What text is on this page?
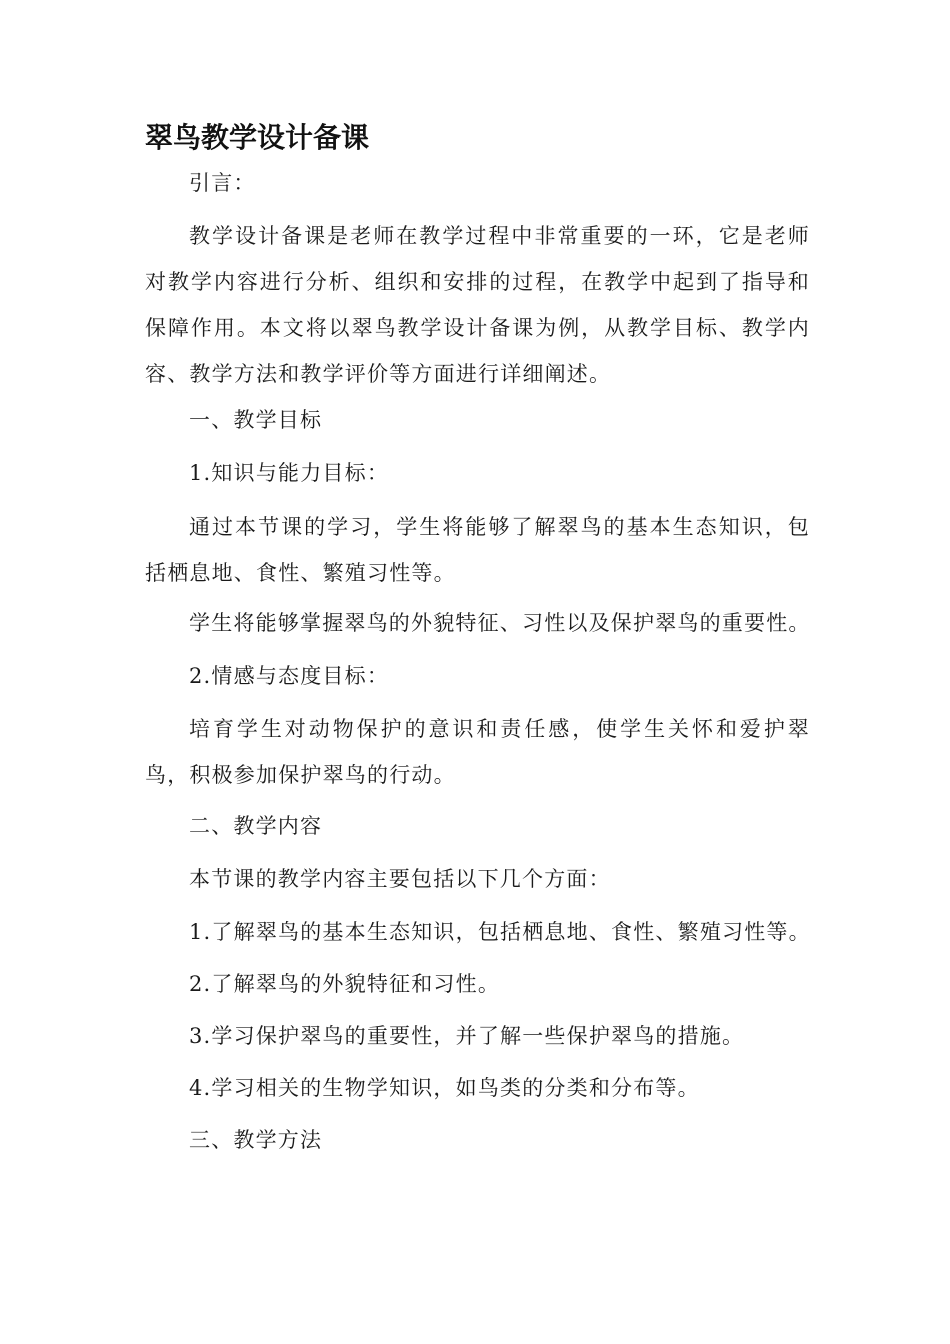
翠鸟教学设计备课

引言：

教学设计备课是老师在教学过程中非常重要的一环，它是老师对教学内容进行分析、组织和安排的过程，在教学中起到了指导和保障作用。本文将以翠鸟教学设计备课为例，从教学目标、教学内容、教学方法和教学评价等方面进行详细阐述。

一、教学目标

1.知识与能力目标：

通过本节课的学习，学生将能够了解翠鸟的基本生态知识，包括栖息地、食性、繁殖习性等。

学生将能够掌握翠鸟的外貌特征、习性以及保护翠鸟的重要性。

2.情感与态度目标：

培育学生对动物保护的意识和责任感，使学生关怀和爱护翠鸟，积极参加保护翠鸟的行动。

二、教学内容

本节课的教学内容主要包括以下几个方面：

1.了解翠鸟的基本生态知识，包括栖息地、食性、繁殖习性等。

2.了解翠鸟的外貌特征和习性。

3.学习保护翠鸟的重要性，并了解一些保护翠鸟的措施。

4.学习相关的生物学知识，如鸟类的分类和分布等。

三、教学方法
